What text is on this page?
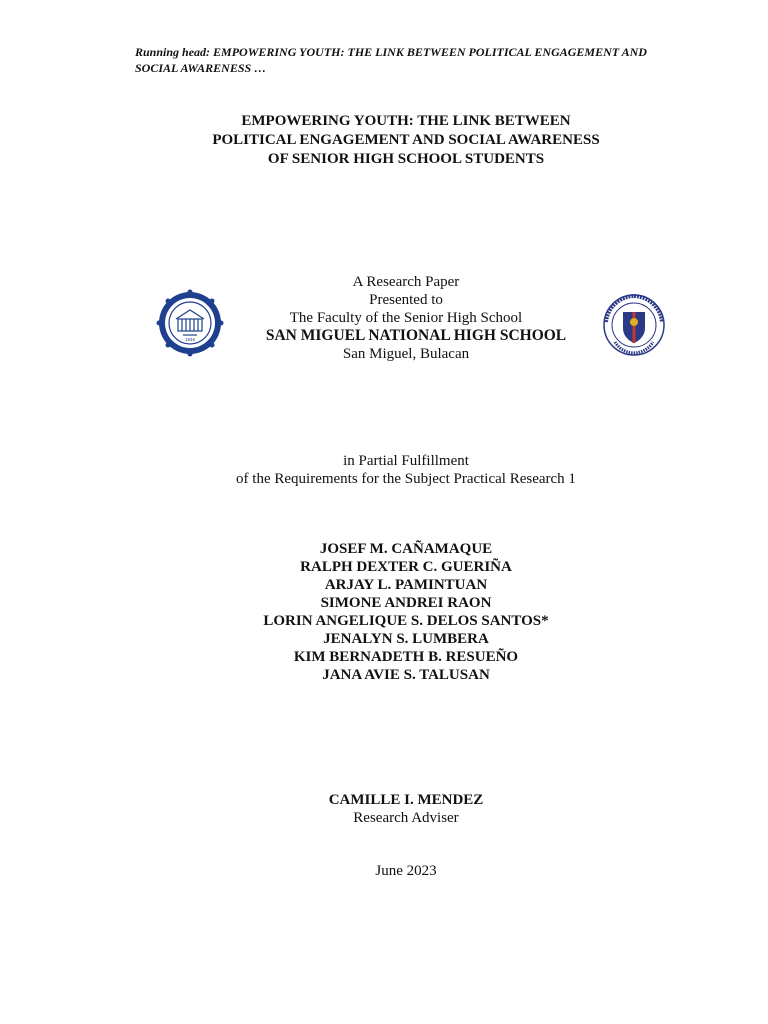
Running head: EMPOWERING YOUTH: THE LINK BETWEEN POLITICAL ENGAGEMENT AND
SOCIAL AWARENESS …
EMPOWERING YOUTH: THE LINK BETWEEN
POLITICAL ENGAGEMENT AND SOCIAL AWARENESS
OF SENIOR HIGH SCHOOL STUDENTS
1946
A Research Paper
Presented to
The Faculty of the Senior High School
SAN MIGUEL NATIONAL HIGH SCHOOL
San Miguel, Bulacan
in Partial Fulfillment
of the Requirements for the Subject Practical Research 1
JOSEF M. CAÑAMAQUE
RALPH DEXTER C. GUERIÑA
ARJAY L. PAMINTUAN
SIMONE ANDREI RAON
LORIN ANGELIQUE S. DELOS SANTOS*
JENALYN S. LUMBERA
KIM BERNADETH B. RESUEÑO
JANA AVIE S. TALUSAN
CAMILLE I. MENDEZ
Research Adviser
June 2023
